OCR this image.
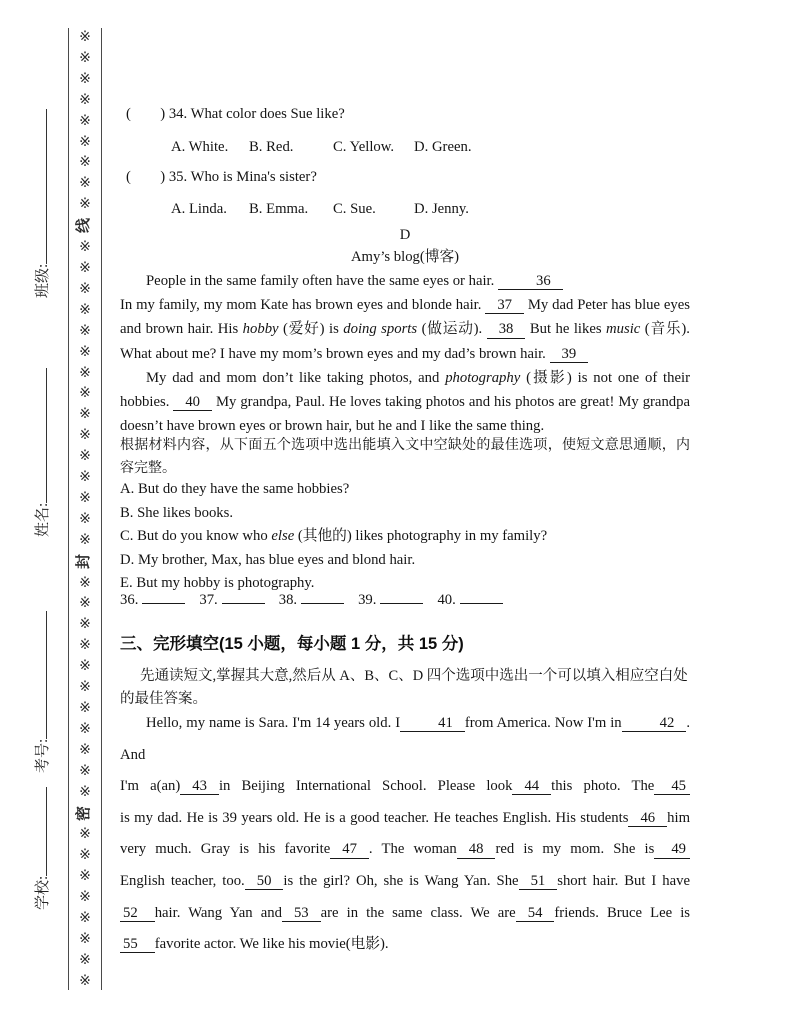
※
※
※
※
※
※
※
※
※
线
※
※
※
※
※
※
※
※
※
※
※
※
※
※
※
封
※
※
※
※
※
※
※
※
※
※
※
密
※
※
※
※
※
※
※
※
班级:
姓名:
考号:
学校:
(        ) 34. What color does Sue like?
A. White. B. Red.	C. Yellow. D. Green.
(        ) 35. Who is Mina's sister?
A. Linda. B. Emma. C. Sue.	D. Jenny.
D
Amy’s blog(博客)
People in the same family often have the same eyes or hair.	36
In my family, my mom Kate has brown eyes and blonde hair. 37 My dad Peter has blue eyes
and brown hair. His hobby (爱好) is doing sports (做运动). 38 But he likes music (音乐).
What about me? I have my mom’s brown eyes and my dad’s brown hair. 39
My dad and mom don’t like taking photos, and photography (摄影) is not one of their
hobbies. 40 My grandpa, Paul. He loves taking photos and his photos are great! My grandpa
doesn’t have brown eyes or brown hair, but he and I like the same thing.
根据材料内容，从下面五个选项中选出能填入文中空缺处的最佳选项，使短文意思通顺，内
容完整。
A. But do they have the same hobbies?
B. She likes books.
C. But do you know who else (其他的) likes photography in my family?
D. My brother, Max, has blue eyes and blond hair.
E. But my hobby is photography.
36.	37.	38.	39.	40.
三、完形填空(15 小题，每小题 1 分，共 15 分)
先通读短文,掌握其大意,然后从 A、B、C、D 四个选项中选出一个可以填入相应空白处
的最佳答案。
Hello, my name is Sara. I'm 14 years old. I	41 from America. Now I'm in	42 . And
I'm a(an) 43 in Beijing International School. Please look 44 this photo. The 45
is my dad. He is 39 years old. He is a good teacher. He teaches English. His students 46 him
very much. Gray is his favorite 47 . The woman 48 red is my mom. She is 49
English teacher, too. 50 is the girl? Oh, she is Wang Yan. She 51 short hair. But I have
52 hair. Wang Yan and 53 are in the same class. We are 54 friends. Bruce Lee is
55 favorite actor. We like his movie(电影).
